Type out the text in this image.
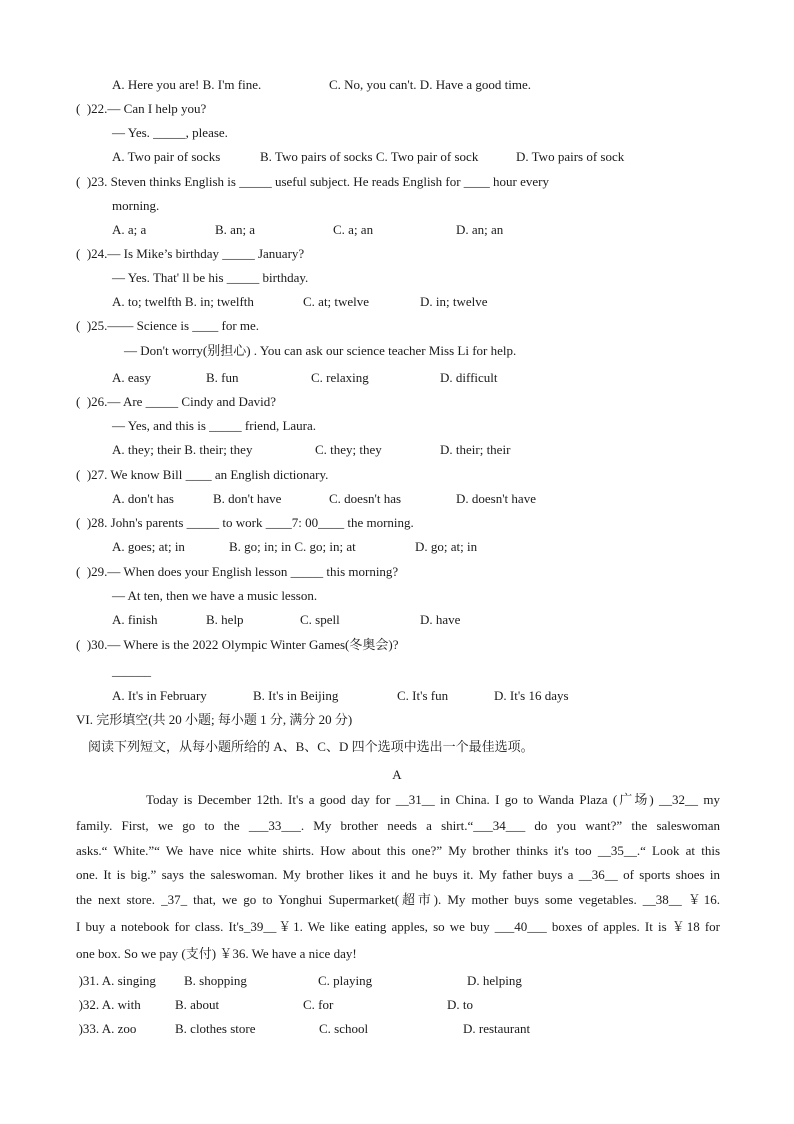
A. Here you are! B. I'm fine.	C. No, you can't. D. Have a good time.
(  )22.— Can I help you?
— Yes. _____, please.
A. Two pair of socks	B. Two pairs of socks C. Two pair of sock	D. Two pairs of sock
(  )23. Steven thinks English is _____ useful subject. He reads English for ____ hour every
morning.
A. a; a	B. an; a	C. a; an	D. an; an
(  )24.— Is Mike’s birthday _____ January?
— Yes. That' ll be his _____ birthday.
A. to; twelfth B. in; twelfth	C. at; twelve	D. in; twelve
(  )25.—— Science is ____ for me.
— Don't worry(别担心) . You can ask our science teacher Miss Li for help.
A. easy	B. fun	C. relaxing	D. difficult
(  )26.— Are _____ Cindy and David?
— Yes, and this is _____ friend, Laura.
A. they; their B. their; they	C. they; they	D. their; their
(  )27. We know Bill ____ an English dictionary.
A. don't has	B. don't have	C. doesn't has	D. doesn't have
(  )28. John's parents _____ to work ____7: 00____ the morning.
A. goes; at; in	B. go; in; in C. go; in; at	D. go; at; in
(  )29.— When does your English lesson _____ this morning?
— At ten, then we have a music lesson.
A. finish	B. help	C. spell	D. have
(  )30.— Where is the 2022 Olympic Winter Games(冬奥会)?
______
A. It's in February	B. It's in Beijing	C. It's fun	D. It's 16 days
VI. 完形填空(共 20 小题; 每小题 1 分, 满分 20 分)
阅读下列短文，从每小题所给的 A、B、C、D 四个选项中选出一个最佳选项。
A
Today is December 12th. It's a good day for __31__ in China. I go to Wanda Plaza (广场) __32__ my
family. First, we go to the ___33___. My brother needs a shirt.“___34___ do you want?” the saleswoman
asks.“ White.”“ We have nice white shirts. How about this one?” My brother thinks it's too __35__.“ Look at this
one. It is big.” says the saleswoman. My brother likes it and he buys it. My father buys a __36__ of sports shoes in
the next store. _37_ that, we go to Yonghui Supermarket(超市). My mother buys some vegetables. __38__ ￥16.
I buy a notebook for class. It's_39__￥1. We like eating apples, so we buy ___40___ boxes of apples. It is ￥18 for
one box. So we pay (支付) ￥36. We have a nice day!
 )31. A. singing B. shopping	C. playing	D. helping
 )32. A. with	B. about	C. for	D. to
 )33. A. zoo	B. clothes store	C. school	D. restaurant
